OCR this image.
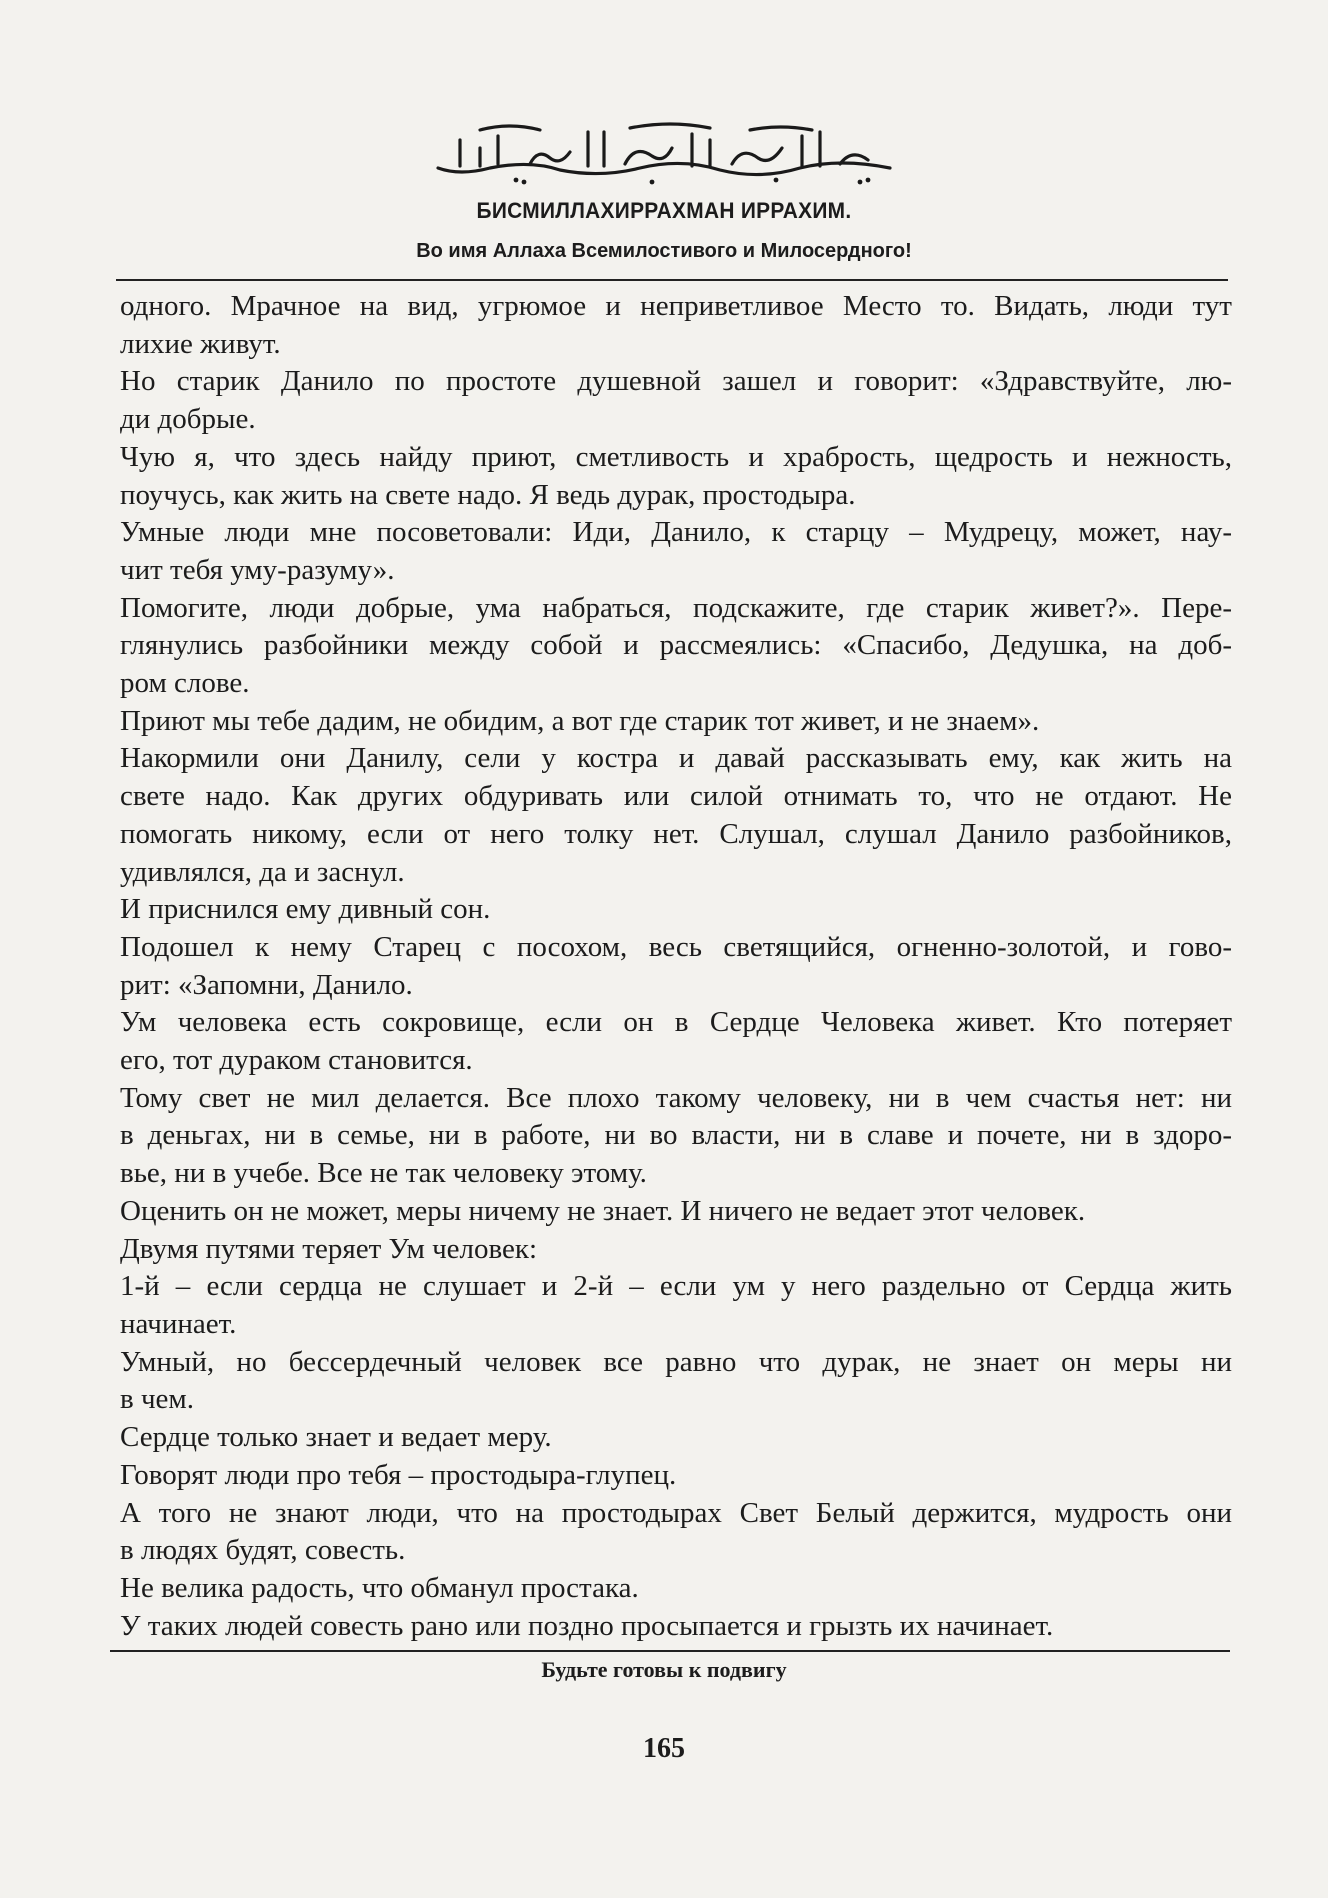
БИСМИЛЛАХИРРАХМАН ИРРАХИМ.
Во имя Аллаха Всемилостивого и Милосердного!
одного. Мрачное на вид, угрюмое и неприветливое Место то. Видать, люди тут
лихие живут.
Но старик Данило по простоте душевной зашел и говорит: «Здравствуйте, лю-
ди добрые.
Чую я, что здесь найду приют, сметливость и храбрость, щедрость и нежность,
поучусь, как жить на свете надо. Я ведь дурак, простодыра.
Умные люди мне посоветовали: Иди, Данило, к старцу – Мудрецу, может, нау-
чит тебя уму-разуму».
Помогите, люди добрые, ума набраться, подскажите, где старик живет?». Пере-
глянулись разбойники между собой и рассмеялись: «Спасибо, Дедушка, на доб-
ром слове.
Приют мы тебе дадим, не обидим, а вот где старик тот живет, и не знаем».
Накормили они Данилу, сели у костра и давай рассказывать ему, как жить на
свете надо. Как других обдуривать или силой отнимать то, что не отдают. Не
помогать никому, если от него толку нет. Слушал, слушал Данило разбойников,
удивлялся, да и заснул.
И приснился ему дивный сон.
Подошел к нему Старец с посохом, весь светящийся, огненно-золотой, и гово-
рит: «Запомни, Данило.
Ум человека есть сокровище, если он в Сердце Человека живет. Кто потеряет
его, тот дураком становится.
Тому свет не мил делается. Все плохо такому человеку, ни в чем счастья нет: ни
в деньгах, ни в семье, ни в работе, ни во власти, ни в славе и почете, ни в здоро-
вье, ни в учебе. Все не так человеку этому.
Оценить он не может, меры ничему не знает. И ничего не ведает этот человек.
Двумя путями теряет Ум человек:
1-й – если сердца не слушает и 2-й – если ум у него раздельно от Сердца жить
начинает.
Умный, но бессердечный человек все равно что дурак, не знает он меры ни
в чем.
Сердце только знает и ведает меру.
Говорят люди про тебя – простодыра-глупец.
А того не знают люди, что на простодырах Свет Белый держится, мудрость они
в людях будят, совесть.
Не велика радость, что обманул простака.
У таких людей совесть рано или поздно просыпается и грызть их начинает.
Будьте готовы к подвигу
165
